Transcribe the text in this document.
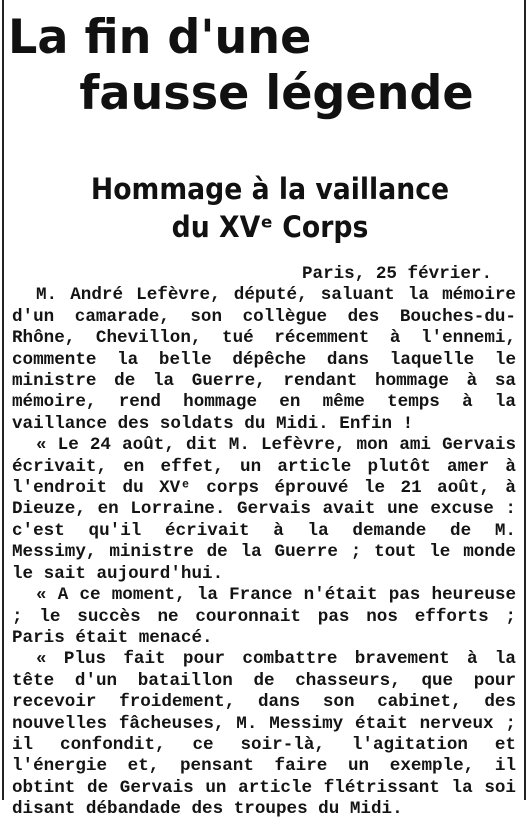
La fin d'une
fausse légende
Hommage à la vaillance
du XVᵉ Corps
Paris, 25 février.

M. André Lefèvre, député, saluant la mémoire d'un camarade, son collègue des Bouches-du-Rhône, Chevillon, tué récemment à l'ennemi, commente la belle dépêche dans laquelle le ministre de la Guerre, rendant hommage à sa mémoire, rend hommage en même temps à la vaillance des soldats du Midi. Enfin !

« Le 24 août, dit M. Lefèvre, mon ami Gervais écrivait, en effet, un article plutôt amer à l'endroit du XVᵉ corps éprouvé le 21 août, à Dieuze, en Lorraine. Gervais avait une excuse : c'est qu'il écrivait à la demande de M. Messimy, ministre de la Guerre ; tout le monde le sait aujourd'hui.

« A ce moment, la France n'était pas heureuse ; le succès ne couronnait pas nos efforts ; Paris était menacé.

« Plus fait pour combattre bravement à la tête d'un bataillon de chasseurs, que pour recevoir froidement, dans son cabinet, des nouvelles fâcheuses, M. Messimy était nerveux ; il confondit, ce soir-là, l'agitation et l'énergie et, pensant faire un exemple, il obtint de Gervais un article flétrissant la soi disant débandade des troupes du Midi.
